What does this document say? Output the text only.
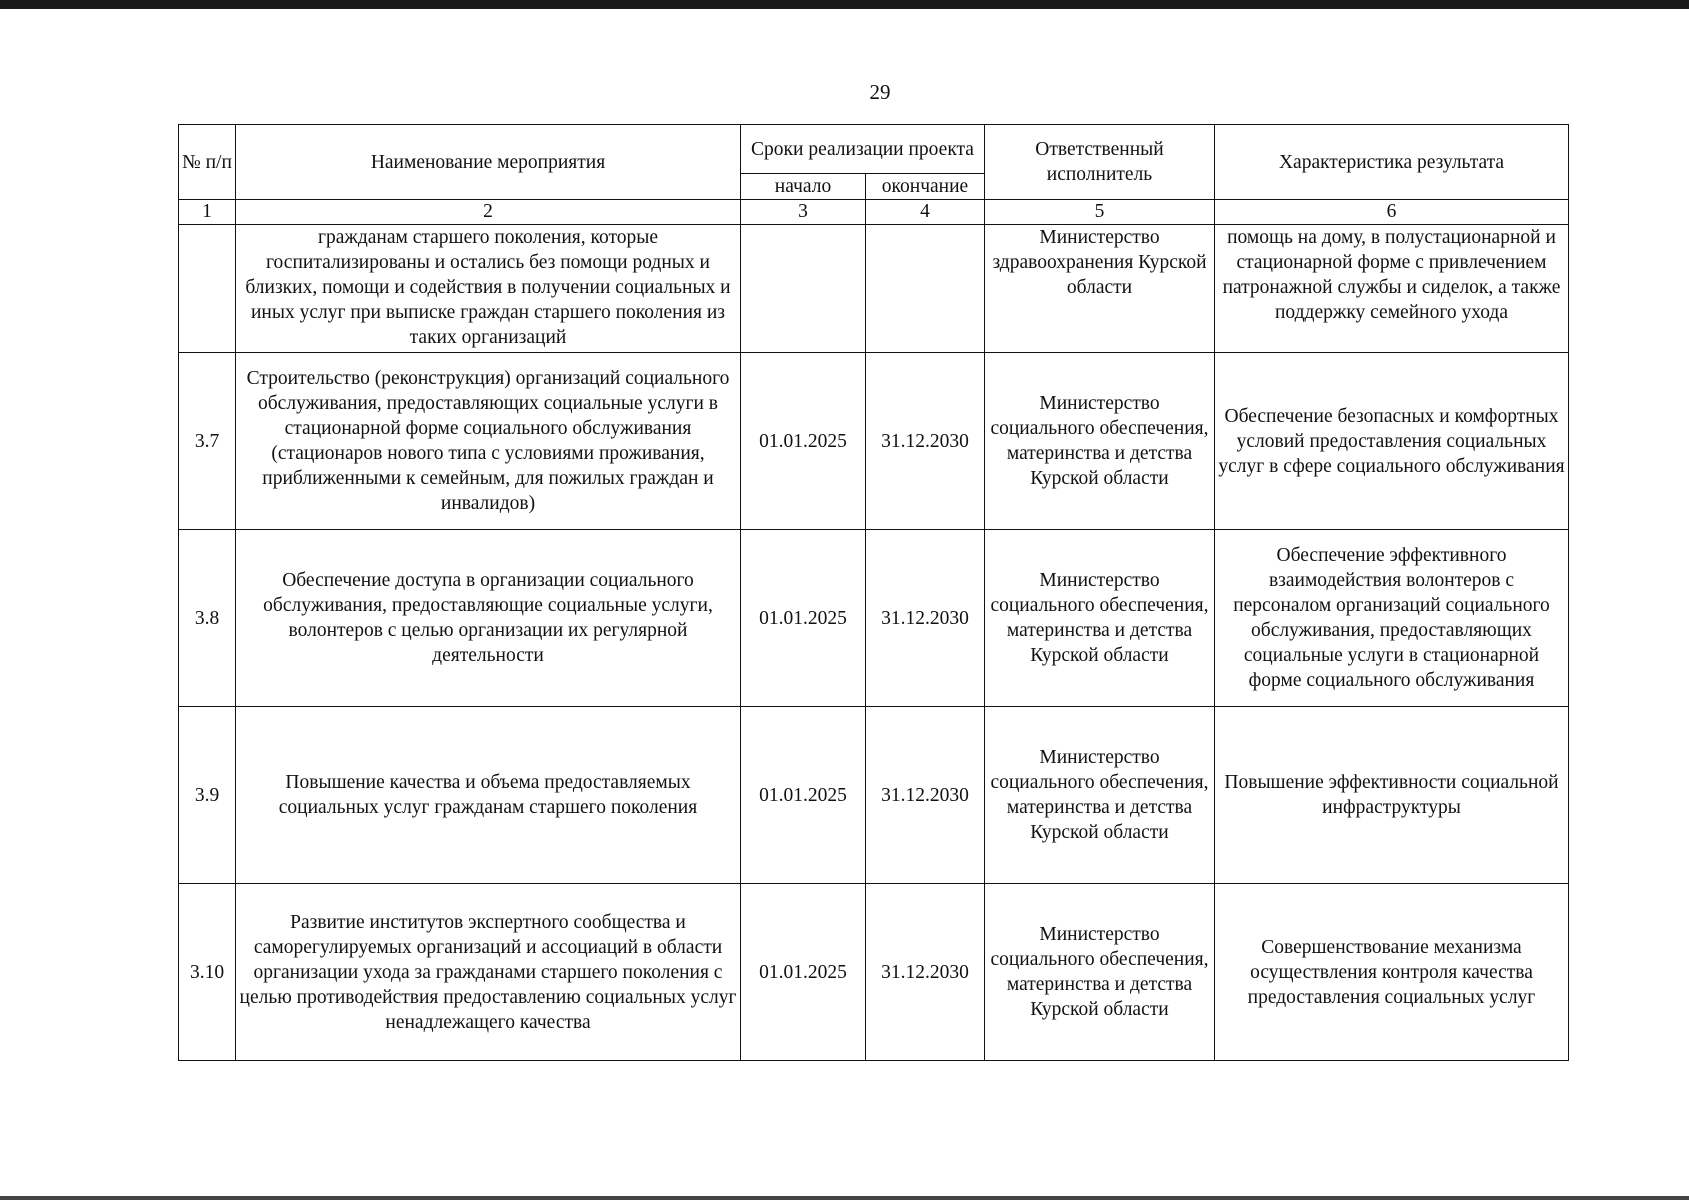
29
№ п/п	Наименование мероприятия	Сроки реализации проекта		Ответственный исполнитель	Характеристика результата
		начало	окончание		
1	2	3	4	5	6
	гражданам старшего поколения, которые госпитализированы и остались без помощи родных и близких, помощи и содействия в получении социальных и иных услуг при выписке граждан старшего поколения из таких организаций			Министерство здравоохранения Курской области	помощь на дому, в полустационарной и стационарной форме с привлечением патронажной службы и сиделок, а также поддержку семейного ухода
3.7	Строительство (реконструкция) организаций социального обслуживания, предоставляющих социальные услуги в стационарной форме социального обслуживания (стационаров нового типа с условиями проживания, приближенными к семейным, для пожилых граждан и инвалидов)	01.01.2025	31.12.2030	Министерство социального обеспечения, материнства и детства Курской области	Обеспечение безопасных и комфортных условий предоставления социальных услуг в сфере социального обслуживания
3.8	Обеспечение доступа в организации социального обслуживания, предоставляющие социальные услуги, волонтеров с целью организации их регулярной деятельности	01.01.2025	31.12.2030	Министерство социального обеспечения, материнства и детства Курской области	Обеспечение эффективного взаимодействия волонтеров с персоналом организаций социального обслуживания, предоставляющих социальные услуги в стационарной форме социального обслуживания
3.9	Повышение качества и объема предоставляемых социальных услуг гражданам старшего поколения	01.01.2025	31.12.2030	Министерство социального обеспечения, материнства и детства Курской области	Повышение эффективности социальной инфраструктуры
3.10	Развитие институтов экспертного сообщества и саморегулируемых организаций и ассоциаций в области организации ухода за гражданами старшего поколения с целью противодействия предоставлению социальных услуг ненадлежащего качества	01.01.2025	31.12.2030	Министерство социального обеспечения, материнства и детства Курской области	Совершенствование механизма осуществления контроля качества предоставления социальных услуг
